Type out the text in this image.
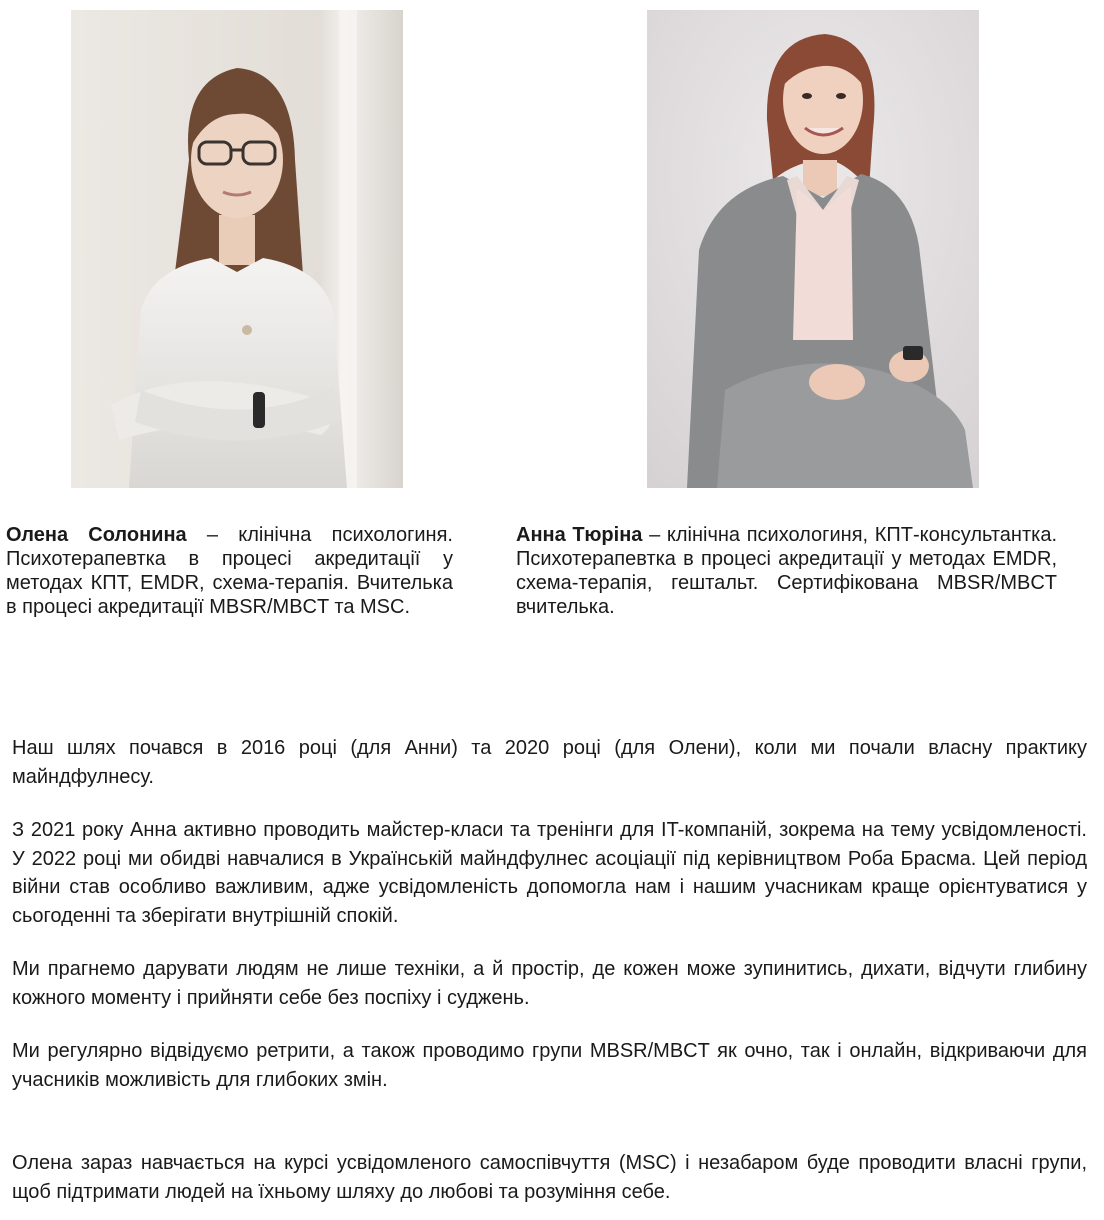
Олена Солонина – клінічна психологиня. Психотерапевтка в процесі акредитації у методах КПТ, EMDR, схема-терапія. Вчителька в процесі акредитації MBSR/MBCT та MSC.

Анна Тюріна – клінічна психологиня, КПТ-консультантка. Психотерапевтка в процесі акредитації у методах EMDR, схема-терапія, гештальт. Сертифікована MBSR/MBCT вчителька.

Наш шлях почався в 2016 році (для Анни) та 2020 році (для Олени), коли ми почали власну практику майндфулнесу.

З 2021 року Анна активно проводить майстер-класи та тренінги для IT-компаній, зокрема на тему усвідомленості. У 2022 році ми обидві навчалися в Українській майндфулнес асоціації під керівництвом Роба Брасма. Цей період війни став особливо важливим, адже усвідомленість допомогла нам і нашим учасникам краще орієнтуватися у сьогоденні та зберігати внутрішній спокій.

Ми прагнемо дарувати людям не лише техніки, а й простір, де кожен може зупинитись, дихати, відчути глибину кожного моменту і прийняти себе без поспіху і суджень.

Ми регулярно відвідуємо ретрити, а також проводимо групи MBSR/MBCT як очно, так і онлайн, відкриваючи для учасників можливість для глибоких змін.

Олена зараз навчається на курсі усвідомленого самоспівчуття (MSC) і незабаром буде проводити власні групи, щоб підтримати людей на їхньому шляху до любові та розуміння себе.
